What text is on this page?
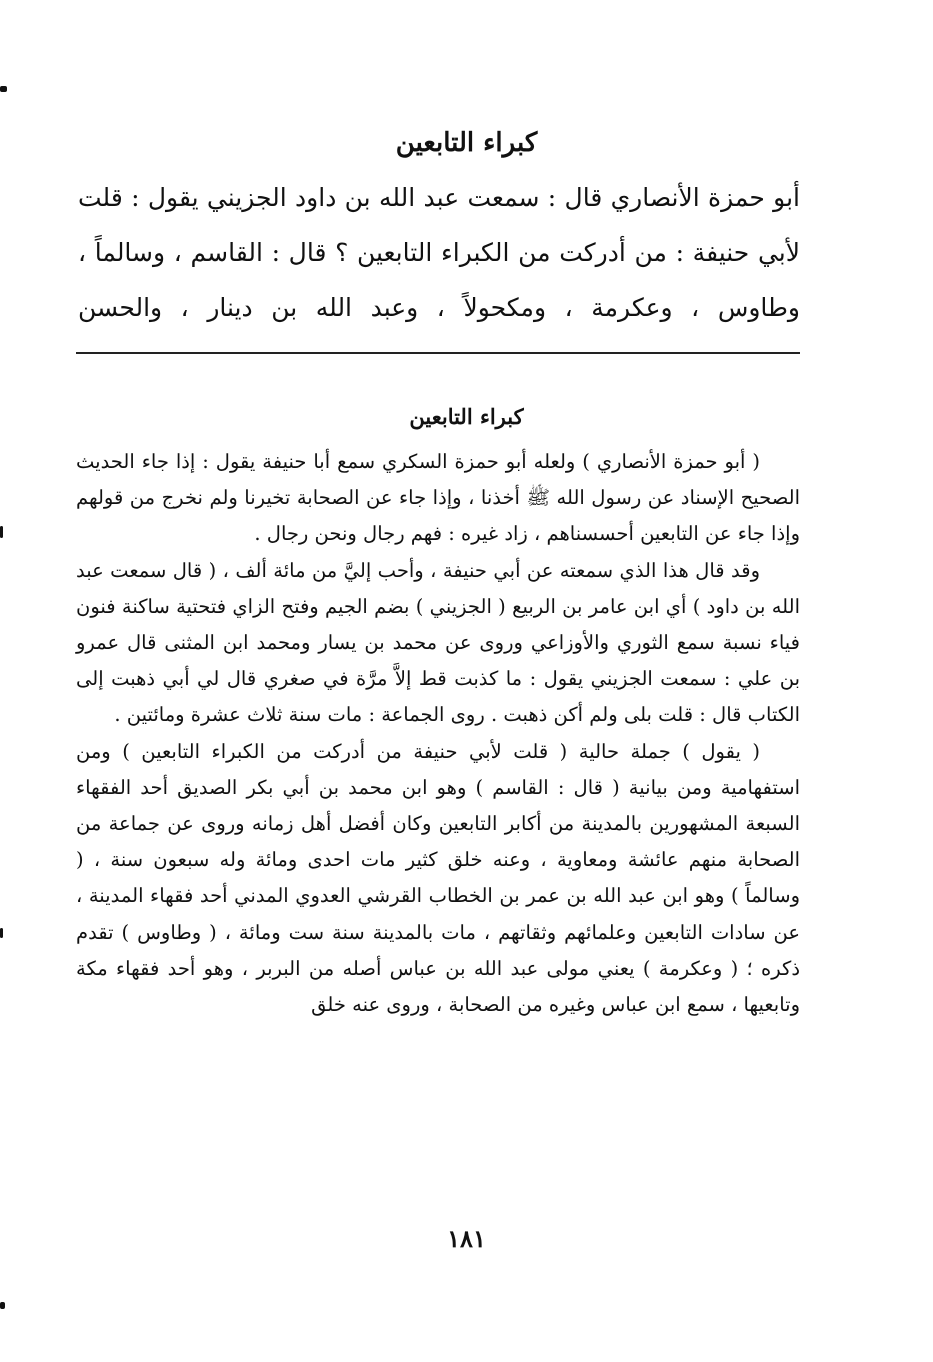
كبراء التابعين

أبو حمزة الأنصاري قال : سمعت عبد الله بن داود الجزيني يقول : قلت لأبي حنيفة : من أدركت من الكبراء التابعين ؟ قال : القاسم ، وسالماً ، وطاوس ، وعكرمة ، ومكحولاً ، وعبد الله بن دينار ، والحسن

كبراء التابعين

( أبو حمزة الأنصاري ) ولعله أبو حمزة السكري سمع أبا حنيفة يقول : إذا جاء الحديث الصحيح الإسناد عن رسول الله ﷺ أخذنا ، وإذا جاء عن الصحابة تخيرنا ولم نخرج من قولهم وإذا جاء عن التابعين أحسسناهم ، زاد غيره : فهم رجال ونحن رجال .

وقد قال هذا الذي سمعته عن أبي حنيفة ، وأحب إليَّ من مائة ألف ، ( قال سمعت عبد الله بن داود ) أي ابن عامر بن الربيع ( الجزيني ) بضم الجيم وفتح الزاي فتحتية ساكنة فنون فياء نسبة سمع الثوري والأوزاعي وروى عن محمد بن يسار ومحمد ابن المثنى قال عمرو بن علي : سمعت الجزيني يقول : ما كذبت قط إلاَّ مرَّة في صغري قال لي أبي ذهبت إلى الكتاب قال : قلت بلى ولم أكن ذهبت . روى الجماعة : مات سنة ثلاث عشرة ومائتين .

( يقول ) جملة حالية ( قلت لأبي حنيفة من أدركت من الكبراء التابعين ) ومن استفهامية ومن بيانية ( قال : القاسم ) وهو ابن محمد بن أبي بكر الصديق أحد الفقهاء السبعة المشهورين بالمدينة من أكابر التابعين وكان أفضل أهل زمانه وروى عن جماعة من الصحابة منهم عائشة ومعاوية ، وعنه خلق كثير مات احدى ومائة وله سبعون سنة ، ( وسالماً ) وهو ابن عبد الله بن عمر بن الخطاب القرشي العدوي المدني أحد فقهاء المدينة ، عن سادات التابعين وعلمائهم وثقاتهم ، مات بالمدينة سنة ست ومائة ، ( وطاوس ) تقدم ذكره ؛ ( وعكرمة ) يعني مولى عبد الله بن عباس أصله من البربر ، وهو أحد فقهاء مكة وتابعيها ، سمع ابن عباس وغيره من الصحابة ، وروى عنه خلق

١٨١
